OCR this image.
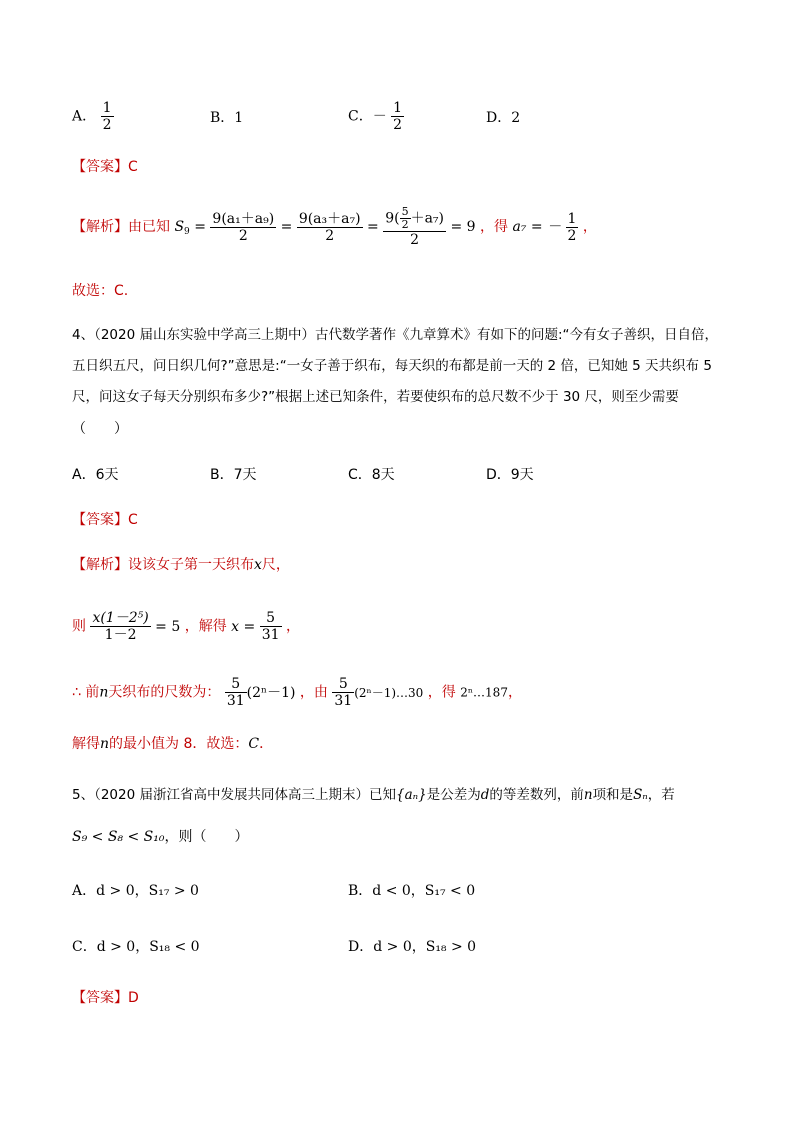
A． $\frac{1}{2}$	B．1	C．－ $\frac{1}{2}$	D．2
【答案】C
【解析】由已知 $S_9 = \frac{\text{9(a₁＋a₉)}}{2} = \frac{\text{9(a₃＋a₇)}}{2} = \frac{9( \frac{5}{2} +a_7)}{2} = 9$ ，得 a₇ = － $\frac{1}{2}$ ，
故选：C.
4、（2020 届山东实验中学高三上期中）古代数学著作《九章算术》有如下的问题:“今有女子善织，日自倍，
五日织五尺，问日织几何?”意思是:“一女子善于织布，每天织的布都是前一天的 2 倍，已知她 5 天共织布 5
尺，问这女子每天分别织布多少?”根据上述已知条件，若要使织布的总尺数不少于 30 尺，则至少需要
（　　）
A．6天	B．7天	C．8天	D．9天
【答案】C
【解析】设该女子第一天织布x尺，
则 $\frac{\text{x(1－2⁵)}}{1-2} = 5$ ，解得 $x = \frac{5}{31}$ ，
∴ 前n天织布的尺数为： $\frac{5}{31} (2^n-1)$ ，由 $\frac{5}{31}$ (2ⁿ－1)…30 ，得 2ⁿ…187，
解得n的最小值为 8．故选：C．
5、（2020 届浙江省高中发展共同体高三上期末）已知{aₙ}是公差为d的等差数列，前n项和是Sₙ，若
S₉ < S₈ < S₁₀，则（　　）
A．d > 0，S₁₇ > 0	B．d < 0，S₁₇ < 0
C．d > 0，S₁₈ < 0	D．d > 0，S₁₈ > 0
【答案】D
